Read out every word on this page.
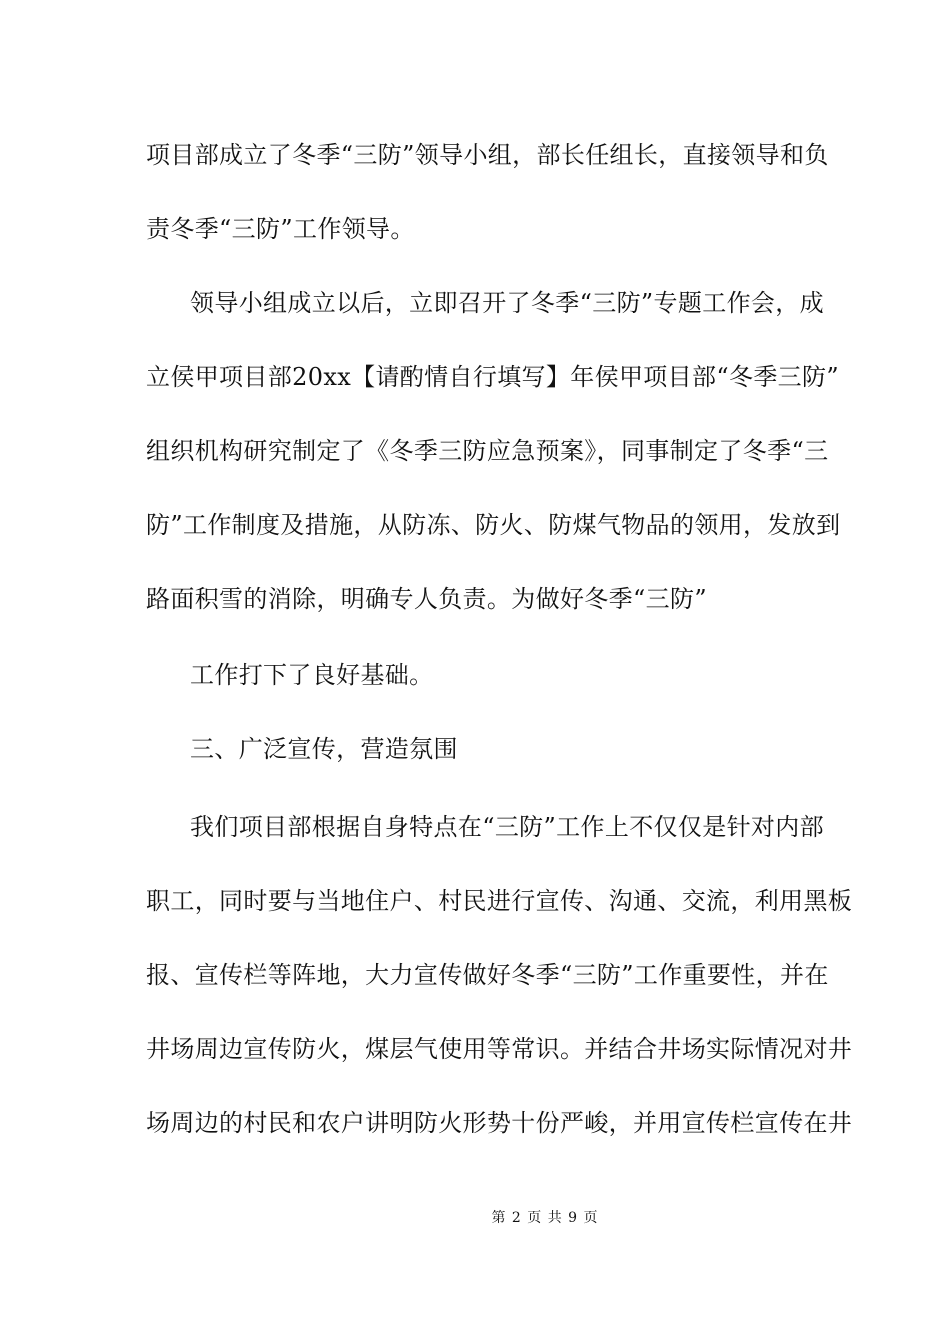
项目部成立了冬季“三防”领导小组，部长任组长，直接领导和负
责冬季“三防”工作领导。
领导小组成立以后，立即召开了冬季“三防”专题工作会，成
立侯甲项目部20xx【请酌情自行填写】年侯甲项目部“冬季三防”
组织机构研究制定了《冬季三防应急预案》，同事制定了冬季“三
防”工作制度及措施，从防冻、防火、防煤气物品的领用，发放到
路面积雪的消除，明确专人负责。为做好冬季“三防”
工作打下了良好基础。
三、广泛宣传，营造氛围
我们项目部根据自身特点在“三防”工作上不仅仅是针对内部
职工，同时要与当地住户、村民进行宣传、沟通、交流，利用黑板
报、宣传栏等阵地，大力宣传做好冬季“三防”工作重要性，并在
井场周边宣传防火，煤层气使用等常识。并结合井场实际情况对井
场周边的村民和农户讲明防火形势十份严峻，并用宣传栏宣传在井
第 2 页 共 9 页
